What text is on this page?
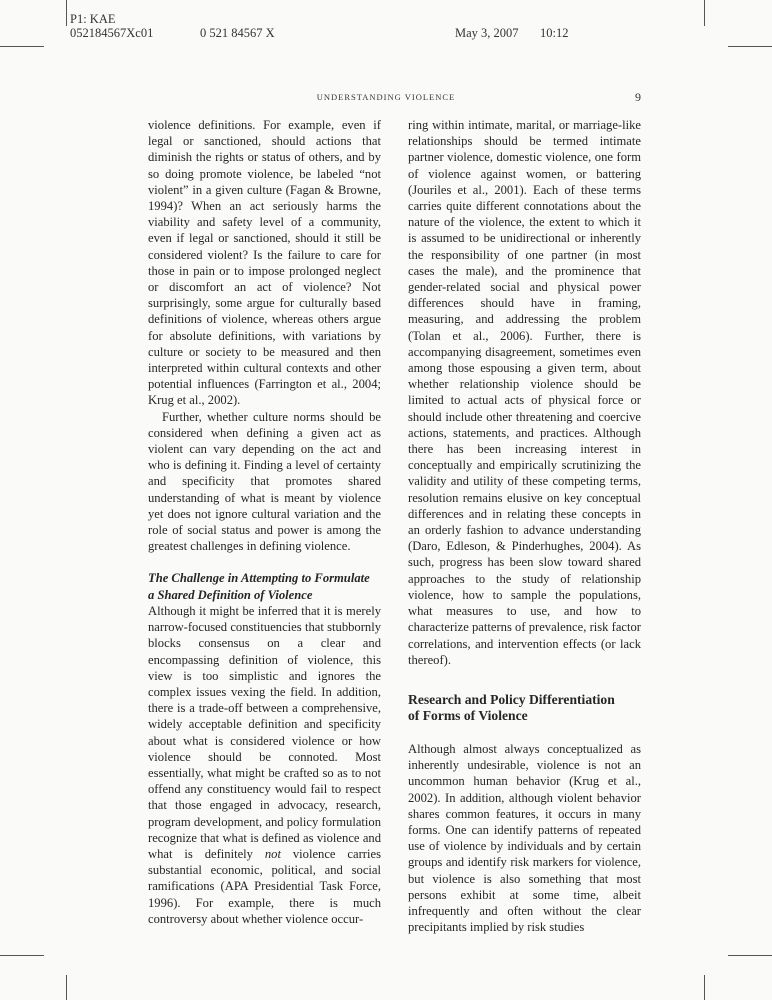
P1: KAE
052184567Xc01	0 521 84567 X	May 3, 2007 10:12
UNDERSTANDING VIOLENCE	9

violence definitions. For example, even if legal or sanctioned, should actions that diminish the rights or status of others, and by so doing promote violence, be labeled “not violent” in a given culture (Fagan & Browne, 1994)? When an act seriously harms the viability and safety level of a community, even if legal or sanctioned, should it still be considered violent? Is the failure to care for those in pain or to impose prolonged neglect or discomfort an act of violence? Not surprisingly, some argue for culturally based definitions of violence, whereas others argue for absolute definitions, with variations by culture or society to be measured and then interpreted within cultural contexts and other potential influences (Farrington et al., 2004; Krug et al., 2002).

Further, whether culture norms should be considered when defining a given act as violent can vary depending on the act and who is defining it. Finding a level of certainty and specificity that promotes shared understanding of what is meant by violence yet does not ignore cultural variation and the role of social status and power is among the greatest challenges in defining violence.

The Challenge in Attempting to Formulate
a Shared Definition of Violence

Although it might be inferred that it is merely narrow-focused constituencies that stubbornly blocks consensus on a clear and encompassing definition of violence, this view is too simplistic and ignores the complex issues vexing the field. In addition, there is a trade-off between a comprehensive, widely acceptable definition and specificity about what is considered violence or how violence should be connoted. Most essentially, what might be crafted so as to not offend any constituency would fail to respect that those engaged in advocacy, research, program development, and policy formulation recognize that what is defined as violence and what is definitely not violence carries substantial economic, political, and social ramifications (APA Presidential Task Force, 1996). For example, there is much controversy about whether violence occur-

ring within intimate, marital, or marriage-like relationships should be termed intimate partner violence, domestic violence, one form of violence against women, or battering (Jouriles et al., 2001). Each of these terms carries quite different connotations about the nature of the violence, the extent to which it is assumed to be unidirectional or inherently the responsibility of one partner (in most cases the male), and the prominence that gender-related social and physical power differences should have in framing, measuring, and addressing the problem (Tolan et al., 2006). Further, there is accompanying disagreement, sometimes even among those espousing a given term, about whether relationship violence should be limited to actual acts of physical force or should include other threatening and coercive actions, statements, and practices. Although there has been increasing interest in conceptually and empirically scrutinizing the validity and utility of these competing terms, resolution remains elusive on key conceptual differences and in relating these concepts in an orderly fashion to advance understanding (Daro, Edleson, & Pinderhughes, 2004). As such, progress has been slow toward shared approaches to the study of relationship violence, how to sample the populations, what measures to use, and how to characterize patterns of prevalence, risk factor correlations, and intervention effects (or lack thereof).

Research and Policy Differentiation
of Forms of Violence

Although almost always conceptualized as inherently undesirable, violence is not an uncommon human behavior (Krug et al., 2002). In addition, although violent behavior shares common features, it occurs in many forms. One can identify patterns of repeated use of violence by individuals and by certain groups and identify risk markers for violence, but violence is also something that most persons exhibit at some time, albeit infrequently and often without the clear precipitants implied by risk studies
